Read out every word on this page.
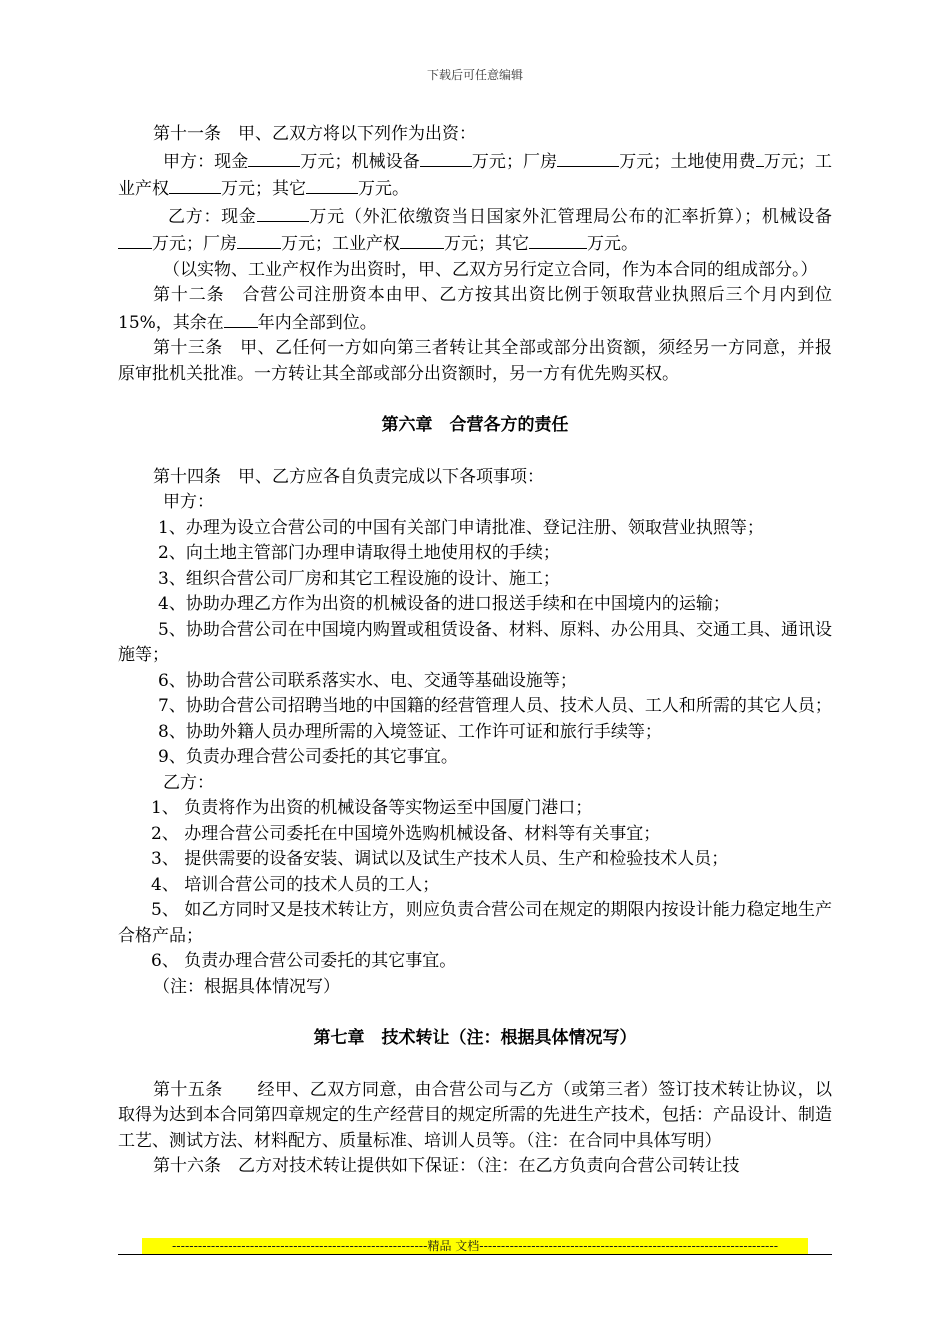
下载后可任意编辑

第十一条　甲、乙双方将以下列作为出资：

甲方：现金	万元；机械设备	万元；厂房	万元；土地使用费 万元；工业产权	万元；其它	万元。

乙方：现金	万元（外汇依缴资当日国家外汇管理局公布的汇率折算）；机械设备万元；厂房	万元；工业产权	万元；其它	万元。

（以实物、工业产权作为出资时，甲、乙双方另行定立合同，作为本合同的组成部分。）

第十二条　合营公司注册资本由甲、乙方按其出资比例于领取营业执照后三个月内到位15%，其余在 年内全部到位。

第十三条　甲、乙任何一方如向第三者转让其全部或部分出资额，须经另一方同意，并报原审批机关批准。一方转让其全部或部分出资额时，另一方有优先购买权。

第六章　合营各方的责任

第十四条　甲、乙方应各自负责完成以下各项事项：

甲方：

1、办理为设立合营公司的中国有关部门申请批准、登记注册、领取营业执照等；

2、向土地主管部门办理申请取得土地使用权的手续；

3、组织合营公司厂房和其它工程设施的设计、施工；

4、协助办理乙方作为出资的机械设备的进口报送手续和在中国境内的运输；

5、协助合营公司在中国境内购置或租赁设备、材料、原料、办公用具、交通工具、通讯设施等；

6、协助合营公司联系落实水、电、交通等基础设施等；

7、协助合营公司招聘当地的中国籍的经营管理人员、技术人员、工人和所需的其它人员；

8、协助外籍人员办理所需的入境签证、工作许可证和旅行手续等；

9、负责办理合营公司委托的其它事宜。

乙方：

1、 负责将作为出资的机械设备等实物运至中国厦门港口；

2、 办理合营公司委托在中国境外选购机械设备、材料等有关事宜；

3、 提供需要的设备安装、调试以及试生产技术人员、生产和检验技术人员；

4、 培训合营公司的技术人员的工人；

5、 如乙方同时又是技术转让方，则应负责合营公司在规定的期限内按设计能力稳定地生产合格产品；

6、 负责办理合营公司委托的其它事宜。

（注：根据具体情况写）

第七章　技术转让（注：根据具体情况写）

第十五条　　经甲、乙双方同意，由合营公司与乙方（或第三者）签订技术转让协议，以取得为达到本合同第四章规定的生产经营目的规定所需的先进生产技术，包括：产品设计、制造工艺、测试方法、材料配方、质量标准、培训人员等。（注：在合同中具体写明）

第十六条　乙方对技术转让提供如下保证：（注：在乙方负责向合营公司转让技

-----------------------------------------------------------精品 文档---------------------------------------------------------------------
